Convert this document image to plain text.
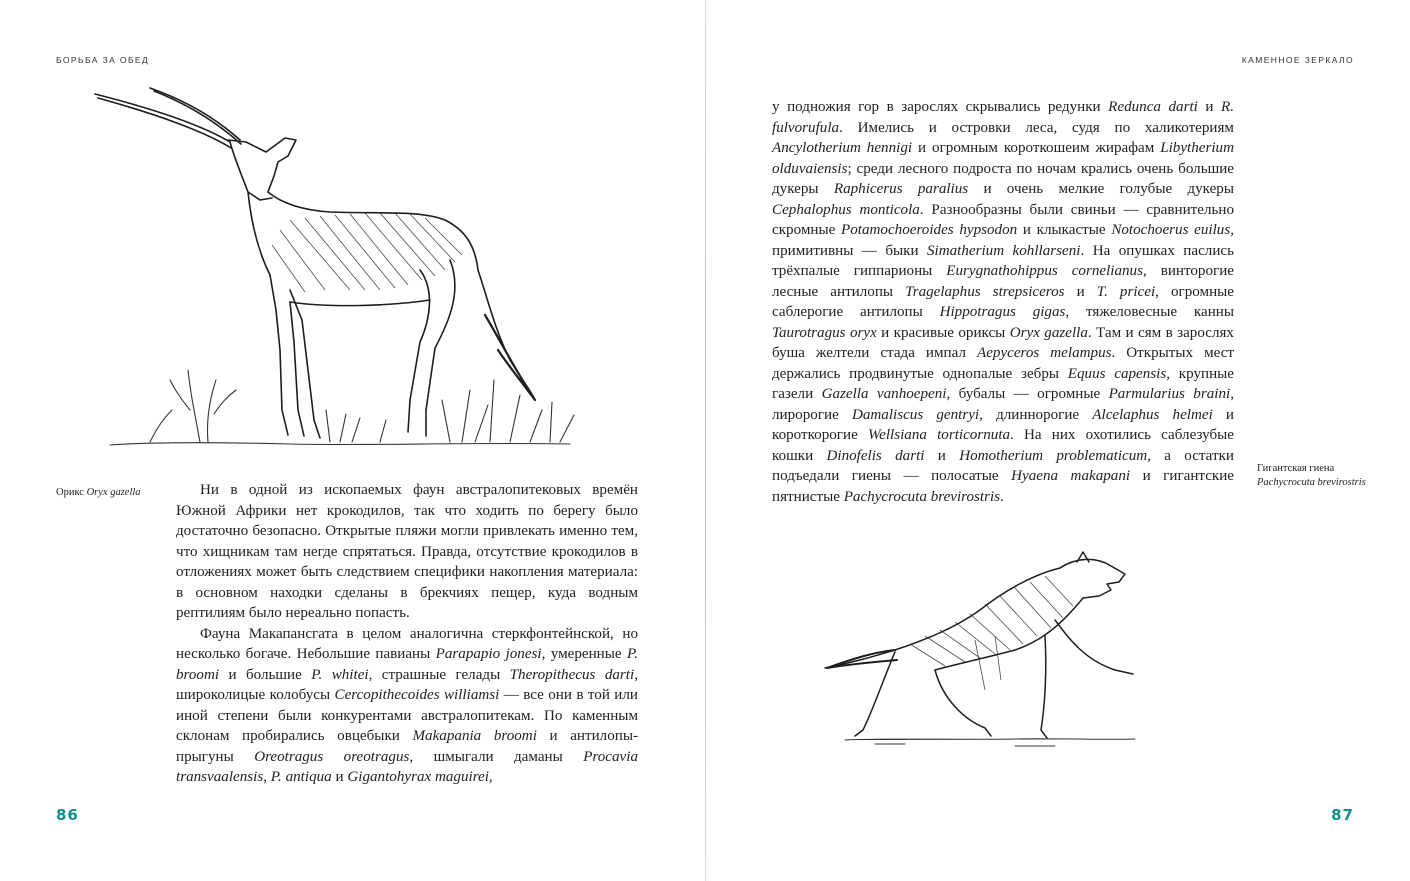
БОРЬБА ЗА ОБЕД
Орикс Oryx gazella	Ни в одной из ископаемых фаун австралопитековых времён Южной Африки нет крокодилов, так что ходить по берегу было достаточно безопасно. Открытые пляжи могли привлекать именно тем, что хищникам там негде спрятаться. Правда, отсутствие крокодилов в отложениях может быть следствием специфики накопления материала: в основном находки сделаны в брекчиях пещер, куда водным рептилиям было нереально попасть.

Фауна Макапансгата в целом аналогична стеркфонтейнской, но несколько богаче. Небольшие павианы Parapapio jonesi, умеренные P. broomi и большие P. whitei, страшные гелады Theropithecus darti, широколицые колобусы Cercopithecoides williamsi — все они в той или иной степени были конкурентами австралопитекам. По каменным склонам пробирались овцебыки Makapania broomi и антилопы-прыгуны Oreotragus oreotragus, шмыгали даманы Procavia transvaalensis, P. antiqua и Gigantohyrax maguirei,

86
КАМЕННОЕ ЗЕРКАЛО

у подножия гор в зарослях скрывались редунки Redunca darti и R. fulvorufula. Имелись и островки леса, судя по халикотериям Ancylotherium hennigi и огромным короткошеим жирафам Libytherium olduvaiensis; среди лесного подроста по ночам крались очень большие дукеры Raphicerus paralius и очень мелкие голубые дукеры Cephalophus monticola. Разнообразны были свиньи — сравнительно скромные Potamochoeroides hypsodon и клыкастые Notochoerus euilus, примитивны — быки Simatherium kohllarseni. На опушках паслись трёхпалые гиппарионы Eurygnathohippus cornelianus, винторогие лесные антилопы Tragelaphus strepsiceros и T. pricei, огромные саблерогие антилопы Hippotragus gigas, тяжеловесные канны Taurotragus oryx и красивые ориксы Oryx gazella. Там и сям в зарослях буша желтели стада импал Aepyceros melampus. Открытых мест держались продвинутые однопалые зебры Equus capensis, крупные газели Gazella vanhoepeni, бубалы — огромные Parmularius braini, лиророгие Damaliscus gentryi, длиннорогие Alcelaphus helmei и короткорогие Wellsiana torticornuta. На них охотились саблезубые кошки Dinofelis darti и Homotherium problematicum, а остатки подъедали гиены — полосатые Hyaena makapani и гигантские пятнистые Pachycrocuta brevirostris.

Гигантская гиена
Pachycrocuta brevirostris
87
